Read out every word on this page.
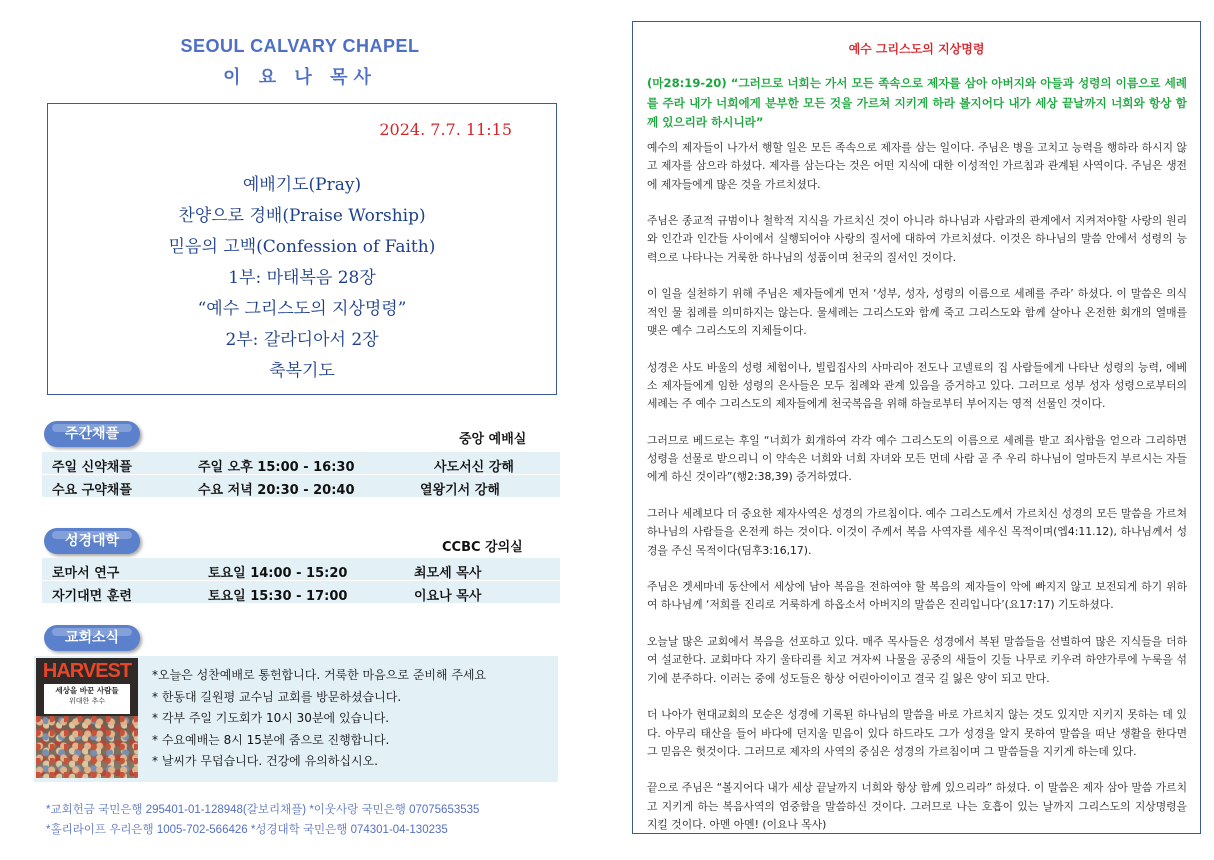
SEOUL CALVARY CHAPEL
이 요 나 목사
2024. 7.7. 11:15
예배기도(Pray)
찬양으로 경배(Praise Worship)
믿음의 고백(Confession of Faith)
1부: 마태복음 28장
“예수 그리스도의 지상명령”
2부: 갈라디아서 2장
축복기도
주간채플	중앙 예배실
주일 신약채플	주일 오후 15:00 - 16:30	사도서신 강해
수요 구약채플	수요 저녁 20:30 - 20:40	열왕기서 강해
성경대학	CCBC 강의실
로마서 연구	토요일 14:00 - 15:20	최모세 목사
자기대면 훈련	토요일 15:30 - 17:00	이요나 목사
교회소식
HARVEST
세상을 바꾼 사람들
위대한 추수
*오늘은 성찬예배로 통헌합니다. 거룩한 마음으로 준비해 주세요
* 한동대 길원평 교수님 교회를 방문하셨습니다.
* 각부 주일 기도회가 10시 30분에 있습니다.
* 수요예배는 8시 15분에 줌으로 진행합니다.
* 날씨가 무덥습니다. 건강에 유의하십시오.
*교회헌금 국민은행 295401-01-128948(갈보리채플) *이웃사랑 국민은행 07075653535
*홀리라이프 우리은행 1005-702-566426 *성경대학 국민은행 074301-04-130235
예수 그리스도의 지상명령
(마28:19-20) “그러므로 너희는 가서 모든 족속으로 제자를 삼아 아버지와 아들과 성령의 이름으로 세례를 주라 내가 너희에게 분부한 모든 것을 가르쳐 지키게 하라 볼지어다 내가 세상 끝날까지 너희와 항상 함께 있으리라 하시니라”

예수의 제자들이 나가서 행할 일은 모든 족속으로 제자를 삼는 일이다. 주님은 병을 고치고 능력을 행하라 하시지 않고 제자를 삼으라 하셨다. 제자를 삼는다는 것은 어떤 지식에 대한 이성적인 가르침과 관계된 사역이다. 주님은 생전에 제자들에게 많은 것을 가르치셨다.

주님은 종교적 규범이나 철학적 지식을 가르치신 것이 아니라 하나님과 사람과의 관계에서 지켜져야할 사랑의 원리와 인간과 인간들 사이에서 실행되어야 사랑의 질서에 대하여 가르치셨다. 이것은 하나님의 말씀 안에서 성령의 능력으로 나타나는 거룩한 하나님의 성품이며 천국의 질서인 것이다.

이 일을 실천하기 위해 주님은 제자들에게 먼저 ‘성부, 성자, 성령의 이름으로 세례를 주라’ 하셨다. 이 말씀은 의식적인 물 침례를 의미하지는 않는다. 물세례는 그리스도와 함께 죽고 그리스도와 함께 살아나 온전한 회개의 열매를 맺은 예수 그리스도의 지체들이다.

성경은 사도 바울의 성령 체험이나, 빌립집사의 사마리아 전도나 고넬료의 집 사람들에게 나타난 성령의 능력, 에베소 제자들에게 임한 성령의 은사들은 모두 침례와 관계 있음을 증거하고 있다. 그러므로 성부 성자 성령으로부터의 세례는 주 예수 그리스도의 제자들에게 천국복음을 위해 하늘로부터 부어지는 영적 선물인 것이다.

그러므로 베드로는 후일 “너희가 회개하여 각각 예수 그리스도의 이름으로 세례를 받고 죄사함을 얻으라 그리하면 성령을 선물로 받으리니 이 약속은 너희와 너희 자녀와 모든 먼데 사람 곧 주 우리 하나님이 얼마든지 부르시는 자들에게 하신 것이라”(행2:38,39) 증거하였다.

그러나 세례보다 더 중요한 제자사역은 성경의 가르침이다. 예수 그리스도께서 가르치신 성경의 모든 말씀을 가르쳐 하나님의 사람들을 온전케 하는 것이다. 이것이 주께서 복음 사역자를 세우신 목적이며(엡4:11.12), 하나님께서 성경을 주신 목적이다(딤후3:16,17).

주님은 겟세마네 동산에서 세상에 남아 복음을 전하여야 할 복음의 제자들이 악에 빠지지 않고 보전되게 하기 위하여 하나님께 ‘저희를 진리로 거룩하게 하옵소서 아버지의 말씀은 진리입니다’(요17:17) 기도하셨다.

오늘날 많은 교회에서 복음을 선포하고 있다. 매주 목사들은 성경에서 복된 말씀들을 선별하여 많은 지식들을 더하여 설교한다. 교회마다 자기 울타리를 치고 겨자씨 나물을 공중의 새들이 깃들 나무로 키우려 하얀가루에 누룩을 섞기에 분주하다. 이러는 중에 성도들은 항상 어린아이이고 결국 길 잃은 양이 되고 만다.

더 나아가 현대교회의 모순은 성경에 기록된 하나님의 말씀을 바로 가르치지 않는 것도 있지만 지키지 못하는 데 있다. 아무리 태산을 들어 바다에 던지울 믿음이 있다 하드라도 그가 성경을 알지 못하여 말씀을 떠난 생활을 한다면 그 믿음은 헛것이다. 그러므로 제자의 사역의 중심은 성경의 가르침이며 그 말씀들을 지키게 하는데 있다.

끝으로 주님은 “볼지어다 내가 세상 끝날까지 너희와 항상 함께 있으리라” 하셨다. 이 말씀은 제자 삼아 말씀 가르치고 지키게 하는 복음사역의 엄중함을 말씀하신 것이다. 그러므로 나는 호흡이 있는 날까지 그리스도의 지상명령을 지킬 것이다. 아멘 아멘! (이요나 목사)
